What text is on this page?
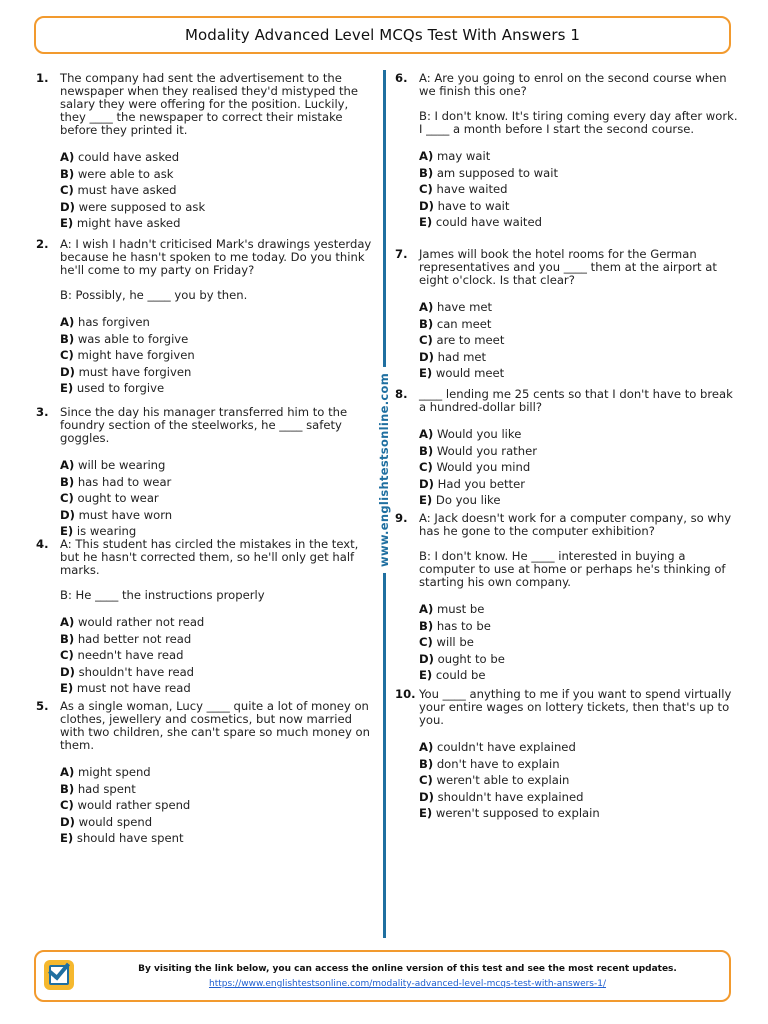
Modality Advanced Level MCQs Test With Answers 1
www.englishtestsonline.com
1. The company had sent the advertisement to the newspaper when they realised they'd mistyped the salary they were offering for the position. Luckily, they ____ the newspaper to correct their mistake before they printed it.
A) could have asked
B) were able to ask
C) must have asked
D) were supposed to ask
E) might have asked
2. A: I wish I hadn't criticised Mark's drawings yesterday because he hasn't spoken to me today. Do you think he'll come to my party on Friday?
B: Possibly, he ____ you by then.
A) has forgiven
B) was able to forgive
C) might have forgiven
D) must have forgiven
E) used to forgive
3. Since the day his manager transferred him to the foundry section of the steelworks, he ____ safety goggles.
A) will be wearing
B) has had to wear
C) ought to wear
D) must have worn
E) is wearing
4. A: This student has circled the mistakes in the text, but he hasn't corrected them, so he'll only get half marks.
B: He ____ the instructions properly
A) would rather not read
B) had better not read
C) needn't have read
D) shouldn't have read
E) must not have read
5. As a single woman, Lucy ____ quite a lot of money on clothes, jewellery and cosmetics, but now married with two children, she can't spare so much money on them.
A) might spend
B) had spent
C) would rather spend
D) would spend
E) should have spent
6. A: Are you going to enrol on the second course when we finish this one?
B: I don't know. It's tiring coming every day after work. I ____ a month before I start the second course.
A) may wait
B) am supposed to wait
C) have waited
D) have to wait
E) could have waited
7. James will book the hotel rooms for the German representatives and you ____ them at the airport at eight o'clock. Is that clear?
A) have met
B) can meet
C) are to meet
D) had met
E) would meet
8. ____ lending me 25 cents so that I don't have to break a hundred-dollar bill?
A) Would you like
B) Would you rather
C) Would you mind
D) Had you better
E) Do you like
9. A: Jack doesn't work for a computer company, so why has he gone to the computer exhibition?
B: I don't know. He ____ interested in buying a computer to use at home or perhaps he's thinking of starting his own company.
A) must be
B) has to be
C) will be
D) ought to be
E) could be
10. You ____ anything to me if you want to spend virtually your entire wages on lottery tickets, then that's up to you.
A) couldn't have explained
B) don't have to explain
C) weren't able to explain
D) shouldn't have explained
E) weren't supposed to explain
By visiting the link below, you can access the online version of this test and see the most recent updates.
https://www.englishtestsonline.com/modality-advanced-level-mcqs-test-with-answers-1/
